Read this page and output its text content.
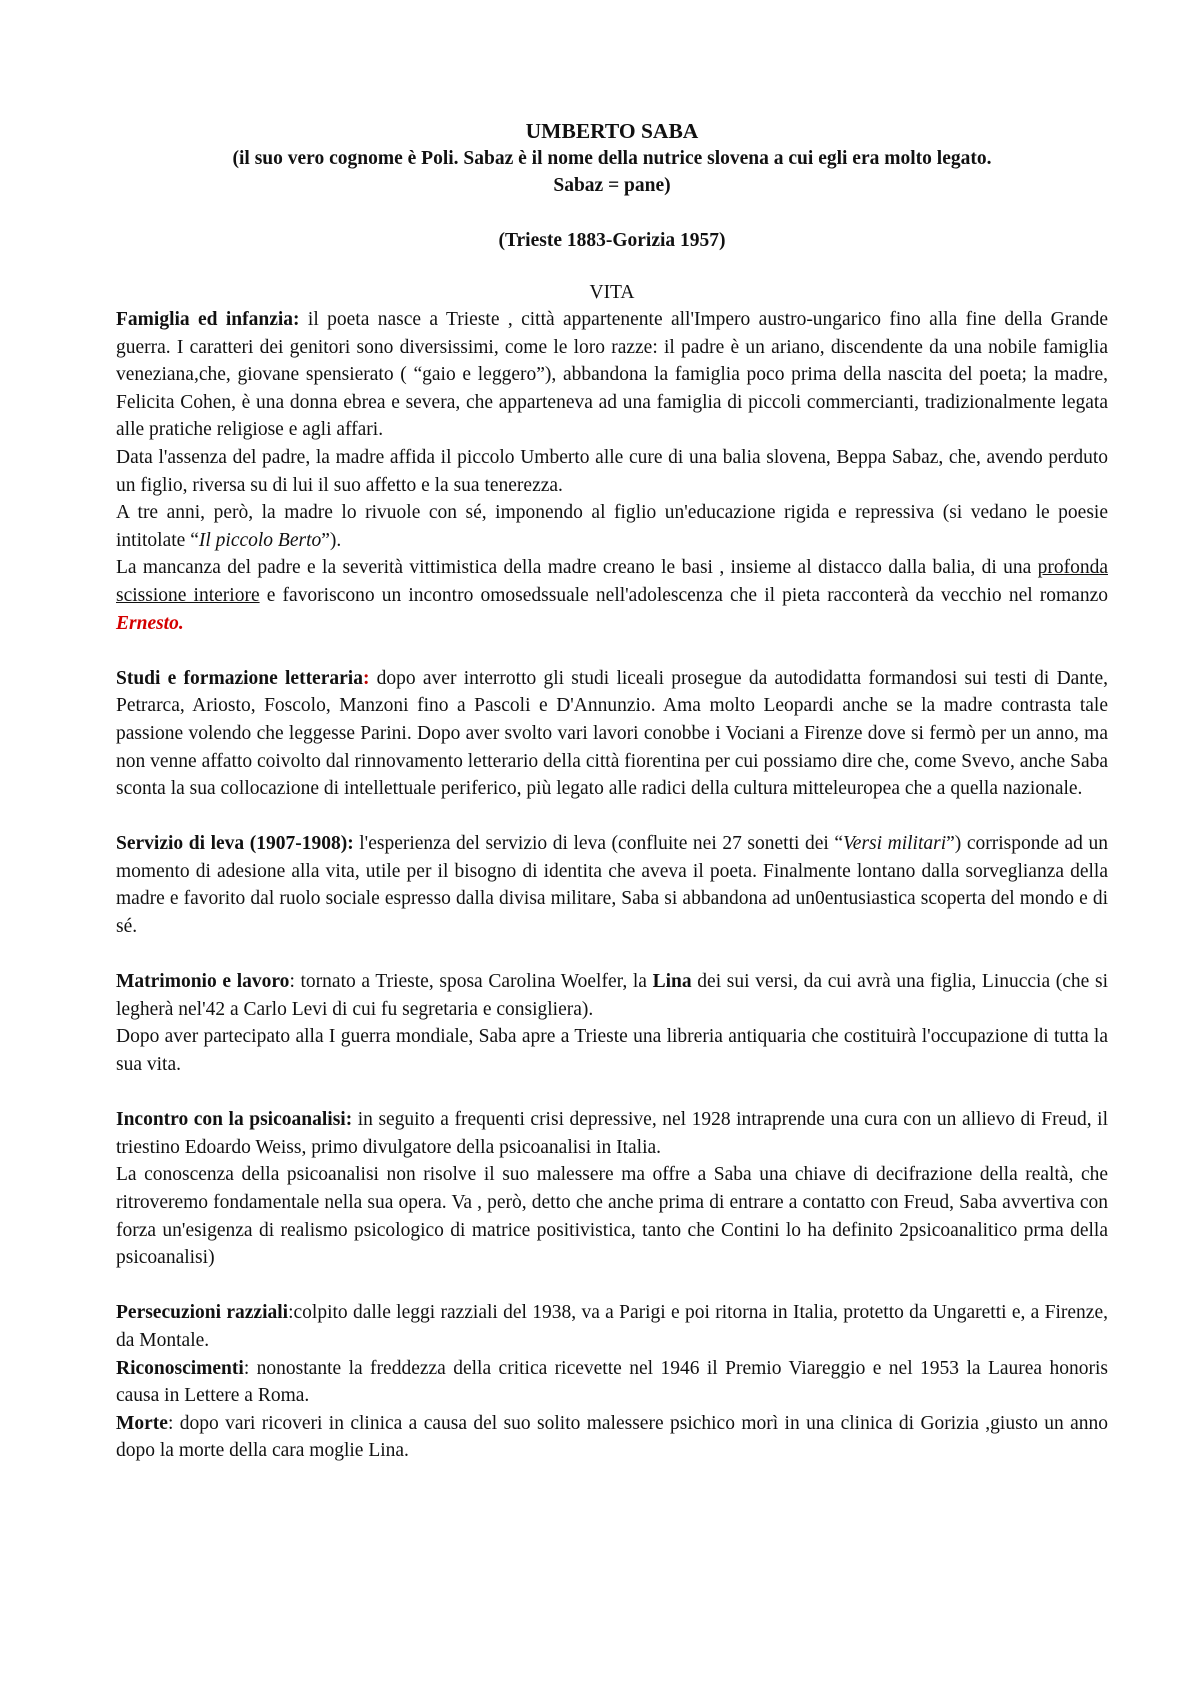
UMBERTO SABA

(il suo vero cognome è Poli. Sabaz è il nome della nutrice slovena a cui egli era molto legato.

Sabaz = pane)

(Trieste 1883-Gorizia 1957)

VITA

Famiglia ed infanzia: il poeta nasce a Trieste , città appartenente all'Impero austro-ungarico fino alla fine della Grande guerra. I caratteri dei genitori sono diversissimi, come le loro razze: il padre è un ariano, discendente da una nobile famiglia veneziana,che, giovane spensierato ( “gaio e leggero”), abbandona la famiglia poco prima della nascita del poeta; la madre, Felicita Cohen, è una donna ebrea e severa, che apparteneva ad una famiglia di piccoli commercianti, tradizionalmente legata alle pratiche religiose e agli affari.

Data l'assenza del padre, la madre affida il piccolo Umberto alle cure di una balia slovena, Beppa Sabaz, che, avendo perduto un figlio, riversa su di lui il suo affetto e la sua tenerezza.

A tre anni, però, la madre lo rivuole con sé, imponendo al figlio un'educazione rigida e repressiva (si vedano le poesie intitolate “Il piccolo Berto”).

La mancanza del padre e la severità vittimistica della madre creano le basi , insieme al distacco dalla balia, di una profonda scissione interiore e favoriscono un incontro omosedssuale nell'adolescenza che il pieta racconterà da vecchio nel romanzo Ernesto.

Studi e formazione letteraria: dopo aver interrotto gli studi liceali prosegue da autodidatta formandosi sui testi di Dante, Petrarca, Ariosto, Foscolo, Manzoni fino a Pascoli e D'Annunzio. Ama molto Leopardi anche se la madre contrasta tale passione volendo che leggesse Parini. Dopo aver svolto vari lavori conobbe i Vociani a Firenze dove si fermò per un anno, ma non venne affatto coivolto dal rinnovamento letterario della città fiorentina per cui possiamo dire che, come Svevo, anche Saba sconta la sua collocazione di intellettuale periferico, più legato alle radici della cultura mitteleuropea che a quella nazionale.

Servizio di leva (1907-1908): l'esperienza del servizio di leva (confluite nei 27 sonetti dei “Versi militari”) corrisponde ad un momento di adesione alla vita, utile per il bisogno di identita che aveva il poeta. Finalmente lontano dalla sorveglianza della madre e favorito dal ruolo sociale espresso dalla divisa militare, Saba si abbandona ad un0entusiastica scoperta del mondo e di sé.

Matrimonio e lavoro: tornato a Trieste, sposa Carolina Woelfer, la Lina dei sui versi, da cui avrà una figlia, Linuccia (che si legherà nel'42 a Carlo Levi di cui fu segretaria e consigliera).

Dopo aver partecipato alla I guerra mondiale, Saba apre a Trieste una libreria antiquaria che costituirà l'occupazione di tutta la sua vita.

Incontro con la psicoanalisi: in seguito a frequenti crisi depressive, nel 1928 intraprende una cura con un allievo di Freud, il triestino Edoardo Weiss, primo divulgatore della psicoanalisi in Italia.

La conoscenza della psicoanalisi non risolve il suo malessere ma offre a Saba una chiave di decifrazione della realtà, che ritroveremo fondamentale nella sua opera. Va , però, detto che anche prima di entrare a contatto con Freud, Saba avvertiva con forza un'esigenza di realismo psicologico di matrice positivistica, tanto che Contini lo ha definito 2psicoanalitico prma della psicoanalisi)

Persecuzioni razziali:colpito dalle leggi razziali del 1938, va a Parigi e poi ritorna in Italia, protetto da Ungaretti e, a Firenze, da Montale.

Riconoscimenti: nonostante la freddezza della critica ricevette nel 1946 il Premio Viareggio e nel 1953 la Laurea honoris causa in Lettere a Roma.

Morte: dopo vari ricoveri in clinica a causa del suo solito malessere psichico morì in una clinica di Gorizia ,giusto un anno dopo la morte della cara moglie Lina.
